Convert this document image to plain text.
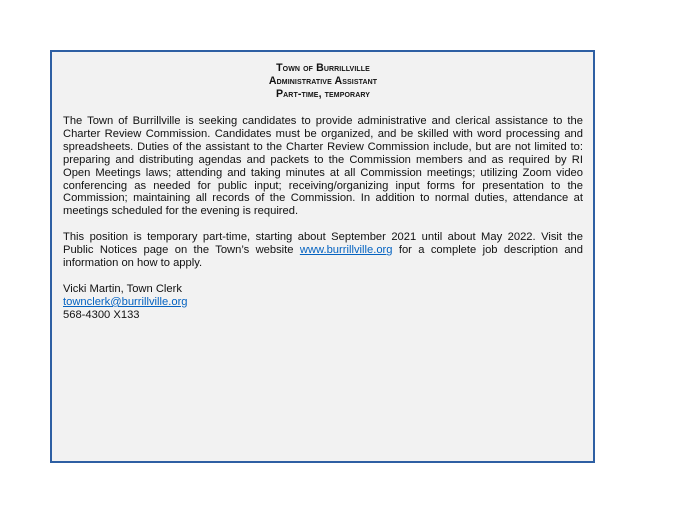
Town of Burrillville
Administrative Assistant
Part-time, temporary

The Town of Burrillville is seeking candidates to provide administrative and clerical assistance to the Charter Review Commission. Candidates must be organized, and be skilled with word processing and spreadsheets. Duties of the assistant to the Charter Review Commission include, but are not limited to: preparing and distributing agendas and packets to the Commission members and as required by RI Open Meetings laws; attending and taking minutes at all Commission meetings; utilizing Zoom video conferencing as needed for public input; receiving/organizing input forms for presentation to the Commission; maintaining all records of the Commission. In addition to normal duties, attendance at meetings scheduled for the evening is required.

This position is temporary part-time, starting about September 2021 until about May 2022. Visit the Public Notices page on the Town’s website www.burrillville.org for a complete job description and information on how to apply.

Vicki Martin, Town Clerk
townclerk@burrillville.org
568-4300 X133
